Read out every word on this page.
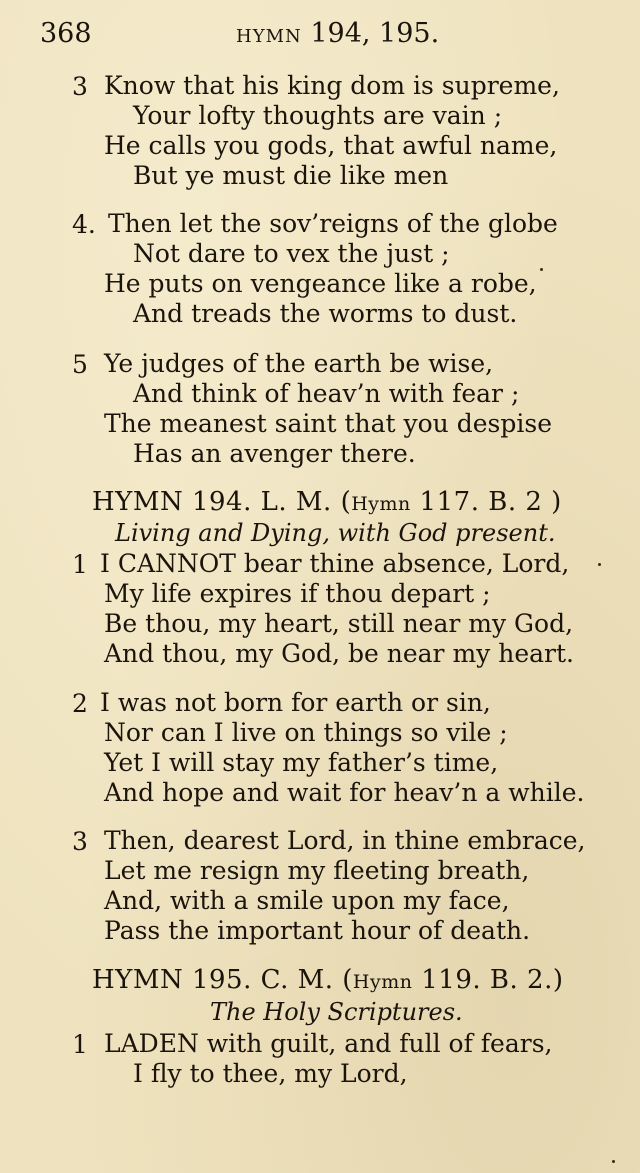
368	HYMN 194, 195.
3 Know that his king dom is supreme,
Your lofty thoughts are vain ;
He calls you gods, that awful name,
But ye must die like men
4. Then let the sov’reigns of the globe
Not dare to vex the just ;
He puts on vengeance like a robe,
And treads the worms to dust.
5 Ye judges of the earth be wise,
And think of heav’n with fear ;
The meanest saint that you despise
Has an avenger there.
HYMN 194. L. M. (Hymn 117. B. 2 )
Living and Dying, with God present.
1 I CANNOT bear thine absence, Lord,
My life expires if thou depart ;
Be thou, my heart, still near my God,
And thou, my God, be near my heart.
2 I was not born for earth or sin,
Nor can I live on things so vile ;
Yet I will stay my father’s time,
And hope and wait for heav’n a while.
3 Then, dearest Lord, in thine embrace,
Let me resign my fleeting breath,
And, with a smile upon my face,
Pass the important hour of death.
HYMN 195. C. M. (Hymn 119. B. 2.)
The Holy Scriptures.
1 LADEN with guilt, and full of fears,
I fly to thee, my Lord,
